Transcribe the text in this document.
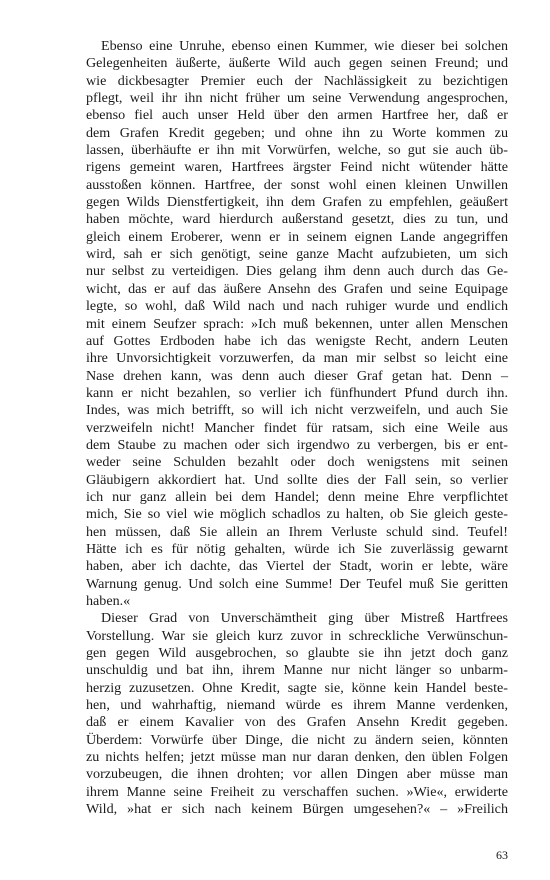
Ebenso eine Unruhe, ebenso einen Kummer, wie dieser bei solchen
Gelegenheiten äußerte, äußerte Wild auch gegen seinen Freund; und
wie dickbesagter Premier euch der Nachlässigkeit zu bezichtigen
pflegt, weil ihr ihn nicht früher um seine Verwendung angesprochen,
ebenso fiel auch unser Held über den armen Hartfree her, daß er
dem Grafen Kredit gegeben; und ohne ihn zu Worte kommen zu
lassen, überhäufte er ihn mit Vorwürfen, welche, so gut sie auch üb-
rigens gemeint waren, Hartfrees ärgster Feind nicht wütender hätte
ausstoßen können. Hartfree, der sonst wohl einen kleinen Unwillen
gegen Wilds Dienstfertigkeit, ihn dem Grafen zu empfehlen, geäußert
haben möchte, ward hierdurch außerstand gesetzt, dies zu tun, und
gleich einem Eroberer, wenn er in seinem eignen Lande angegriffen
wird, sah er sich genötigt, seine ganze Macht aufzubieten, um sich
nur selbst zu verteidigen. Dies gelang ihm denn auch durch das Ge-
wicht, das er auf das äußere Ansehn des Grafen und seine Equipage
legte, so wohl, daß Wild nach und nach ruhiger wurde und endlich
mit einem Seufzer sprach: »Ich muß bekennen, unter allen Menschen
auf Gottes Erdboden habe ich das wenigste Recht, andern Leuten
ihre Unvorsichtigkeit vorzuwerfen, da man mir selbst so leicht eine
Nase drehen kann, was denn auch dieser Graf getan hat. Denn –
kann er nicht bezahlen, so verlier ich fünfhundert Pfund durch ihn.
Indes, was mich betrifft, so will ich nicht verzweifeln, und auch Sie
verzweifeln nicht! Mancher findet für ratsam, sich eine Weile aus
dem Staube zu machen oder sich irgendwo zu verbergen, bis er ent-
weder seine Schulden bezahlt oder doch wenigstens mit seinen
Gläubigern akkordiert hat. Und sollte dies der Fall sein, so verlier
ich nur ganz allein bei dem Handel; denn meine Ehre verpflichtet
mich, Sie so viel wie möglich schadlos zu halten, ob Sie gleich geste-
hen müssen, daß Sie allein an Ihrem Verluste schuld sind. Teufel!
Hätte ich es für nötig gehalten, würde ich Sie zuverlässig gewarnt
haben, aber ich dachte, das Viertel der Stadt, worin er lebte, wäre
Warnung genug. Und solch eine Summe! Der Teufel muß Sie geritten
haben.«
Dieser Grad von Unverschämtheit ging über Mistreß Hartfrees
Vorstellung. War sie gleich kurz zuvor in schreckliche Verwünschun-
gen gegen Wild ausgebrochen, so glaubte sie ihn jetzt doch ganz
unschuldig und bat ihn, ihrem Manne nur nicht länger so unbarm-
herzig zuzusetzen. Ohne Kredit, sagte sie, könne kein Handel beste-
hen, und wahrhaftig, niemand würde es ihrem Manne verdenken,
daß er einem Kavalier von des Grafen Ansehn Kredit gegeben.
Überdem: Vorwürfe über Dinge, die nicht zu ändern seien, könnten
zu nichts helfen; jetzt müsse man nur daran denken, den üblen Folgen
vorzubeugen, die ihnen drohten; vor allen Dingen aber müsse man
ihrem Manne seine Freiheit zu verschaffen suchen. »Wie«, erwiderte
Wild, »hat er sich nach keinem Bürgen umgesehen?« – »Freilich
63
